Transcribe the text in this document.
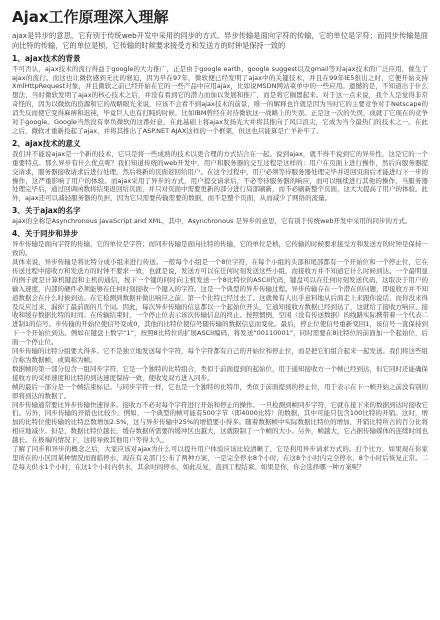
Ajax工作原理深入理解

ajax是异步的意思，它有别于传统web开发中采用的同步的方式。异步传输是面向字符的传输，它的单位是字符；而同步传输是面向比特的传输，它的单位是桢，它传输的时候要求接受方和发送方的时钟是保持一致的

1、ajax技术的背景

不可否认，ajax技术的流行得益于google的大力推广，正是由于google earth、google suggest以及gmail等对ajax技术的广泛应用，催生了ajax的流行。而这也让微软感到无比的窘迫，因为早在97年，微软便已经发明了ajax中的关键技术，并且在99年IE5推出之时，它便开始支持XmlHttpRequest对象，并且微软之前已经开始在它的一些产品中应用ajax，比如说MSDN网站菜单中的一些应用。遗憾的是，不知道出于什么想法，当时微软发明了ajax的核心技术之后，并没有看到它的潜力而加以发展和推广，而是将它搁置起来。对于这一点来说，我个人是觉得非常奇怪的，因为以微软的资源和它的战略眼光来说，应该不会看不到ajax技术的前景，唯一的解释也许就是因为当时它的主要竞争对手Netscape的消失反而使它变得麻痹和迟钝，毕竟巨人也有打盹的时候，比如IBM曾经在对待微软这一战略上的失误。正是这一次的失误，成就了它现在的竞争对手google。Google当然没有辜负微软的这番好意，在此基础上将ajax发扬光大并将其推向了风口浪尖，它成为当今最热门的技术之一。在此之后，微软才重新捡起了ajax，并将其推出了ASP.NET AJAX这样的一个框架，但这也只能算是亡羊补牢了。

2、ajax技术的意义

我们并不能说ajax是一个新的技术，它只是将一些成熟的技术以更合理的方式结合在一起。说到ajax，就不得不说到它的异步性，这是它的一个重要特点。那么异步有什么优点呢？我们知道传统的web开发中，用户和服务器的交互过程是这样的：用户在页面上进行操作，然后向服务器提交请求，服务器接收请求后进行处理，然后将新的页面返回给用户。在这个过程中，用户必须等待服务器处理完毕并返回页面后才能进行下一步的操作，这严重影响了用户的体验。而ajax采用了异步的方式，用户提交请求后，不必等待服务器的响应，而可以继续进行其他的操作，当服务器处理完毕后，通过回调函数将结果返回给页面，并只对页面中需要更新的部分进行局部刷新，而不必刷新整个页面，这大大提高了用户的体验。此外，ajax还可以减轻服务器的负担，因为它只需要传输需要的数据，而不是整个页面，从而减少了网络的流量。

3、关于ajax的名字

ajax的全称是Asynchronous JavaScript and XML，其中，Asynchronous 是异步的意思，它有别于传统web开发中采用的同步的方式。

4、关于同步和异步

异步传输是面向字符的传输，它的单位是字符；而同步传输是面向比特的传输，它的单位是桢，它传输的时候要求接受方和发送方的时钟是保持一致的。

具体来说，异步传输是将比特分成小组来进行传送。一般每个小组是一个8位字符，在每个小组的头部和尾部都有一个开始位和一个停止位，它在传送过程中接收方和发送方的时钟不要求一致，也就是说，发送方可以在任何时刻发送这些小组，而接收方并不知道它什么时候到达。一个最明显的例子就是计算机键盘和主机的通信，按下一个键的同时向主机发送一个8比特位的ASCII代码，键盘可以在任何时刻发送代码，这取决于用户的输入速度，内部的硬件必须能够在任何时刻接收一个键入的字符。这是一个典型的异步传输过程。异步传输存在一个潜在的问题，即接收方并不知道数据会在什么时候到达。在它检测到数据并做出响应之前，第一个比特已经过去了。这就像有人出乎意料地从后面走上来跟你说话，而你没来得及反应过来，漏掉了最前面的几个词。因此，每次异步传输的信息都以一个起始位开头，它通知接收方数据已经到达了，这就给了接收方响应、接收和缓存数据比特的时间；在传输结束时，一个停止位表示该次传输信息的终止。按照惯例，空闲（没有传送数据）的线路实际携带着一个代表二进制1的信号。步传输的开始位使信号变成0，其他的比特位使信号随传输的数据信息而变化。最后，停止位使信号重新变回1，该信号一直保持到下一个开始位到达。例如在键盘上数字“1”，按照8比特位的扩展ASCII编码，将发送“00110001”，同时需要在8比特位的前面加一个起始位，后面一个停止位。

同步传输的比特分组要大得多。它不是独立地发送每个字符，每个字符都有自己的开始位和停止位，而是把它们组合起来一起发送。我们将这些组合称为数据帧，或简称为帧。

数据帧的第一部分包含一组同步字符，它是一个独特的比特组合，类似于前面提到的起始位，用于通知接收方一个帧已经到达，但它同时还能确保接收方的采样速度和比特的到达速度保持一致，使收发双方进入同步。

帧的最后一部分是一个帧结束标记。与同步字符一样，它也是一个独特的比特串，类似于前面提到的停止位，用于表示在下一帧开始之前没有别的即将到达的数据了。

同步传输通常要比异步传输快速得多。接收方不必对每个字符进行开始和停止的操作。一旦检测到帧同步字符，它就在接下来的数据到达时接收它们。另外，同步传输的开销也比较少。例如，一个典型的帧可能有500字节（即4000比特）的数据，其中可能只包含100比特的开销。这时，增加的比特位使传输的比特总数增加2.5%，这与异步传输中25%的增值要小得多。随着数据帧中实际数据比特位的增加，开销比特所占的百分比将相应地减少。但是，数据比特位越长，缓存数据所需要的缓冲区也越大，这就限制了一个帧的大小。另外，帧越大，它占据传输媒体的连续时间也越长。在极端的情况下，这将导致其他用户等得太久。

了解了同步和异步的概念之后，大家应该对ajax为什么可以提升用户体验应该比较清晰了，它是利用异步请求方式的。打个比方，如果现在你家里所在的小区因某种情况而面临停水，现在有关部门公布了两种方案，一是完全停水8个小时，在这8个小时内完全停水，8个小时后恢复正常。二是每天供水1个小时，在这1个小时内供水，其余时间停水，如此反复，直到工程结束。如果是你，你会选择哪一种方案呢？
